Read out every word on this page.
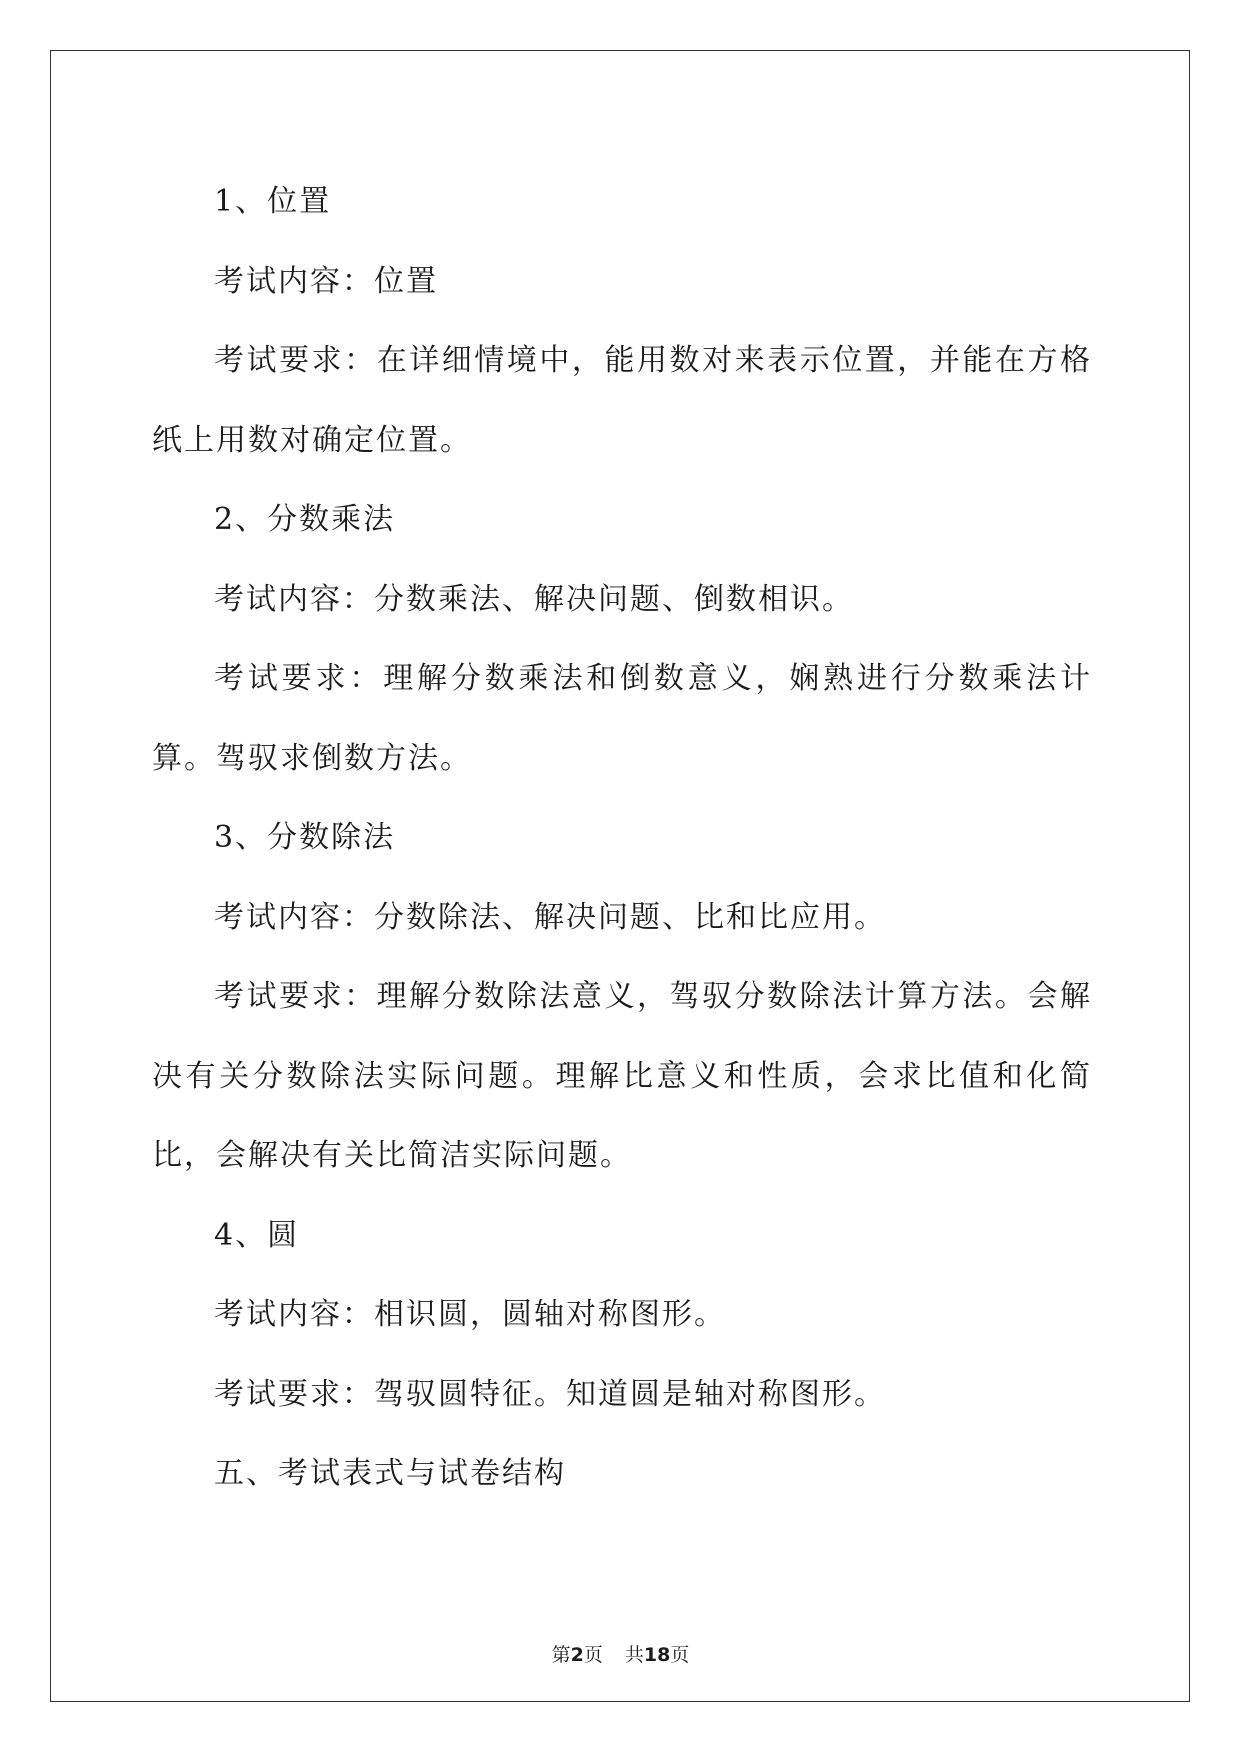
1、位置

考试内容：位置

考试要求：在详细情境中，能用数对来表示位置，并能在方格纸上用数对确定位置。

2、分数乘法

考试内容：分数乘法、解决问题、倒数相识。

考试要求：理解分数乘法和倒数意义，娴熟进行分数乘法计算。驾驭求倒数方法。

3、分数除法

考试内容：分数除法、解决问题、比和比应用。

考试要求：理解分数除法意义，驾驭分数除法计算方法。会解决有关分数除法实际问题。理解比意义和性质，会求比值和化简比，会解决有关比简洁实际问题。

4、圆

考试内容：相识圆，圆轴对称图形。

考试要求：驾驭圆特征。知道圆是轴对称图形。

五、考试表式与试卷结构

第2页 共18页
